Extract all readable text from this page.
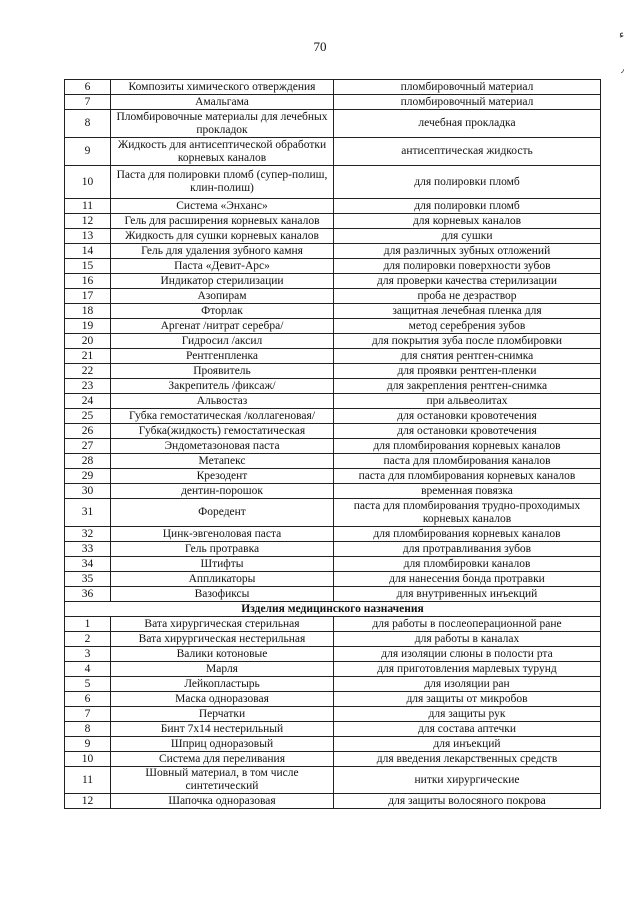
70
ء
٫
6	Композиты химического отверждения	пломбировочный материал
7	Амальгама	пломбировочный материал
8	Пломбировочные материалы для лечебных прокладок	лечебная прокладка
9	Жидкость для антисептической обработки корневых каналов	антисептическая жидкость
10	Паста для полировки пломб (супер-полиш, клин-полиш)	для полировки пломб
11	Система «Энханс»	для полировки пломб
12	Гель для расширения корневых каналов	для корневых каналов
13	Жидкость для сушки корневых каналов	для сушки
14	Гель для удаления зубного камня	для различных зубных отложений
15	Паста «Девит-Арс»	для полировки поверхности зубов
16	Индикатор стерилизации	для проверки качества стерилизации
17	Азопирам	проба не дезраствор
18	Фторлак	защитная лечебная пленка для
19	Аргенат /нитрат серебра/	метод серебрения зубов
20	Гидросил /аксил	для покрытия зуба после пломбировки
21	Рентгенпленка	для снятия рентген-снимка
22	Проявитель	для проявки рентген-пленки
23	Закрепитель /фиксаж/	для закрепления рентген-снимка
24	Альвостаз	при альвеолитах
25	Губка гемостатическая /коллагеновая/	для остановки кровотечения
26	Губка(жидкость) гемостатическая	для остановки кровотечения
27	Эндометазоновая паста	для пломбирования корневых каналов
28	Метапекс	паста для пломбирования каналов
29	Крезодент	паста для пломбирования корневых каналов
30	дентин-порошок	временная повязка
31	Форедент	паста для пломбирования трудно-проходимых корневых каналов
32	Цинк-эвгеноловая паста	для пломбирования корневых каналов
33	Гель протравка	для протравливания зубов
34	Штифты	для пломбировки каналов
35	Аппликаторы	для нанесения бонда протравки
36	Вазофиксы	для внутривенных инъекций
Изделия медицинского назначения		
1	Вата хирургическая стерильная	для работы в послеоперационной ране
2	Вата хирургическая нестерильная	для работы в каналах
3	Валики котоновые	для изоляции слюны в полости рта
4	Марля	для приготовления марлевых турунд
5	Лейкопластырь	для изоляции ран
6	Маска одноразовая	для защиты от микробов
7	Перчатки	для защиты рук
8	Бинт 7х14 нестерильный	для состава аптечки
9	Шприц одноразовый	для инъекций
10	Система для переливания	для введения лекарственных средств
11	Шовный материал, в том числе синтетический	нитки хирургические
12	Шапочка одноразовая	для защиты волосяного покрова
